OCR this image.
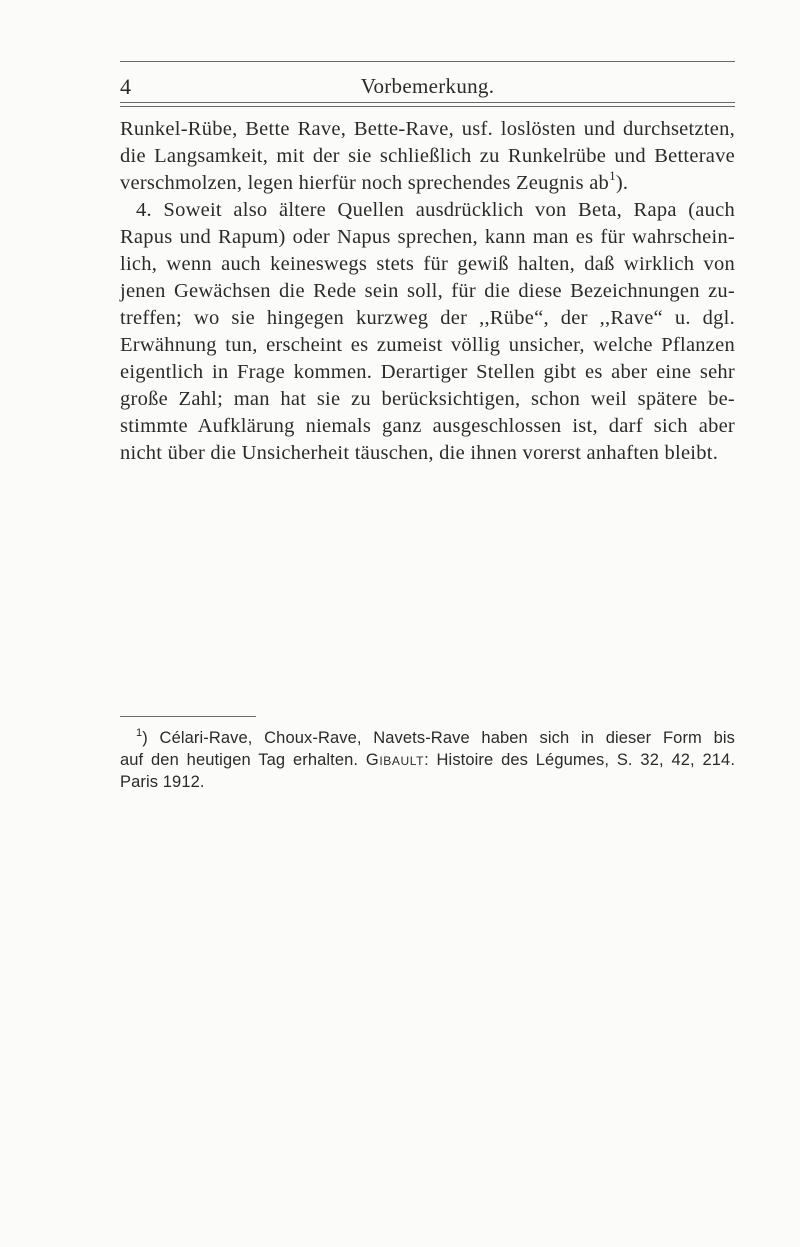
4	Vorbemerkung.
Runkel-Rübe, Bette Rave, Bette-Rave, usf. loslösten und durchsetzten,
die Langsamkeit, mit der sie schließlich zu Runkelrübe und Betterave
verschmolzen, legen hierfür noch sprechendes Zeugnis $ab^1$).
4. Soweit also ältere Quellen ausdrücklich von Beta, Rapa (auch
Rapus und Rapum) oder Napus sprechen, kann man es für wahrschein-
lich, wenn auch keineswegs stets für gewiß halten, daß wirklich von
jenen Gewächsen die Rede sein soll, für die diese Bezeichnungen zu-
treffen; wo sie hingegen kurzweg der ,,Rübe“, der ,,Rave“ u. dgl.
Erwähnung tun, erscheint es zumeist völlig unsicher, welche Pflanzen
eigentlich in Frage kommen. Derartiger Stellen gibt es aber eine sehr
große Zahl; man hat sie zu berücksichtigen, schon weil spätere be-
stimmte Aufklärung niemals ganz ausgeschlossen ist, darf sich aber
nicht über die Unsicherheit täuschen, die ihnen vorerst anhaften bleibt.
$^1$) Célari-Rave, Choux-Rave, Navets-Rave haben sich in dieser Form bis
auf den heutigen Tag erhalten. Gibault: Histoire des Légumes, S. 32, 42, 214.
Paris 1912.
